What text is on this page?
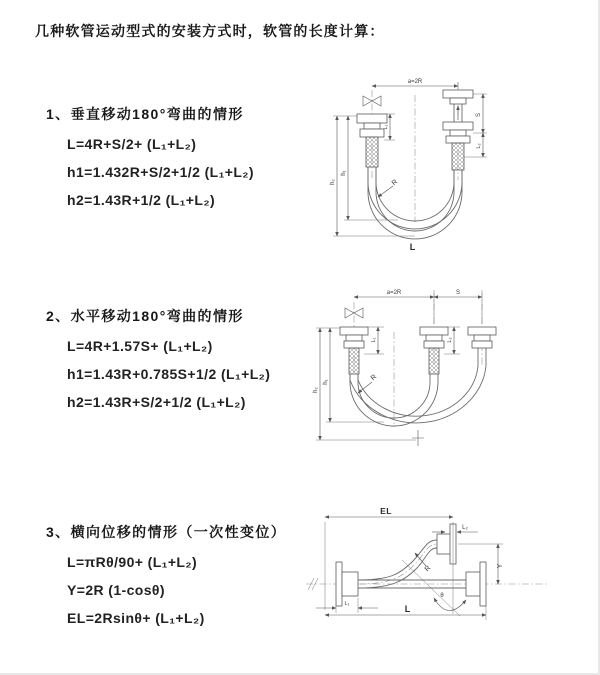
几种软管运动型式的安装方式时，软管的长度计算：
1、垂直移动180°弯曲的情形
L=4R+S/2+ (L₁+L₂)
h1=1.432R+S/2+1/2 (L₁+L₂)
h2=1.43R+1/2 (L₁+L₂)
2、水平移动180°弯曲的情形
L=4R+1.57S+ (L₁+L₂)
h1=1.43R+0.785S+1/2 (L₁+L₂)
h2=1.43R+S/2+1/2 (L₁+L₂)
3、横向位移的情形（一次性变位）
L=πRθ/90+ (L₁+L₂)
Y=2R (1-cosθ)
EL=2Rsinθ+ (L₁+L₂)
a=2R
h₂
h₁
L₁
S
L₂
R
L
a=2R	S
h₂
h₁
L₁	L₂
R
θ
R
EL
L₂
Y
L₁	L
